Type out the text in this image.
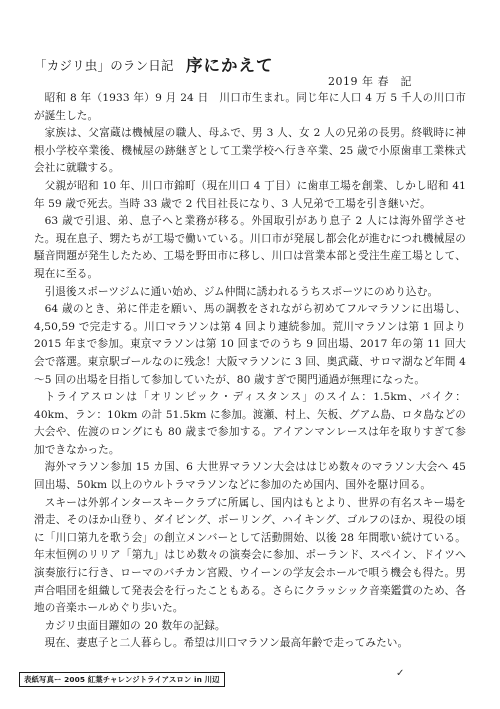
「カジリ虫」のラン日記 序にかえて
2019 年 春　記

昭和 8 年（1933 年）9 月 24 日　川口市生まれ。同じ年に人口 4 万 5 千人の川口市が誕生した。

家族は、父富蔵は機械屋の職人、母ふで、男 3 人、女 2 人の兄弟の長男。終戦時に神根小学校卒業後、機械屋の跡継ぎとして工業学校へ行き卒業、25 歳で小原歯車工業株式会社に就職する。

父親が昭和 10 年、川口市錦町（現在川口 4 丁目）に歯車工場を創業、しかし昭和 41 年 59 歳で死去。当時 33 歳で 2 代目社長になり、3 人兄弟で工場を引き継いだ。

63 歳で引退、弟、息子へと業務が移る。外国取引があり息子 2 人には海外留学させた。現在息子、甥たちが工場で働いている。川口市が発展し都会化が進むにつれ機械屋の騒音問題が発生したため、工場を野田市に移し、川口は営業本部と受注生産工場として、現在に至る。

引退後スポーツジムに通い始め、ジム仲間に誘われるうちスポーツにのめり込む。

64 歳のとき、弟に伴走を願い、馬の調教をされながら初めてフルマラソンに出場し、4,50,59 で完走する。川口マラソンは第 4 回より連続参加。荒川マラソンは第 1 回より 2015 年まで参加。東京マラソンは第 10 回までのうち 9 回出場、2017 年の第 11 回大会で落選。東京駅ゴールなのに残念！大阪マラソンに 3 回、奥武蔵、サロマ湖など年間 4～5 回の出場を目指して参加していたが、80 歳すぎで関門通過が無理になった。

トライアスロンは「オリンピック・ディスタンス」のスイム：1.5km、バイク：40km、ラン：10km の計 51.5km に参加。渡瀬、村上、矢板、グアム島、ロタ島などの大会や、佐渡のロングにも 80 歳まで参加する。アイアンマンレースは年を取りすぎて参加できなかった。

海外マラソン参加 15 カ国、6 大世界マラソン大会ははじめ数々のマラソン大会へ 45 回出場、50km 以上のウルトラマラソンなどに参加のため国内、国外を駆け回る。

スキーは外郭インタースキークラブに所属し、国内はもとより、世界の有名スキー場を滑走、そのほか山登り、ダイビング、ボーリング、ハイキング、ゴルフのほか、現役の頃に「川口第九を歌う会」の創立メンバーとして活動開始、以後 28 年間歌い続けている。年末恒例のリリア「第九」はじめ数々の演奏会に参加、ポーランド、スペイン、ドイツへ演奏旅行に行き、ローマのバチカン宮殿、ウイーンの学友会ホールで唄う機会も得た。男声合唱団を組織して発表会を行ったこともある。さらにクラッシック音楽鑑賞のため、各地の音楽ホールめぐり歩いた。

カジリ虫面目躍如の 20 数年の記録。

現在、妻恵子と二人暮らし。希望は川口マラソン最高年齢で走ってみたい。

表紙写真ー 2005 紅葉チャレンジトライアスロン in 川辺
✓
